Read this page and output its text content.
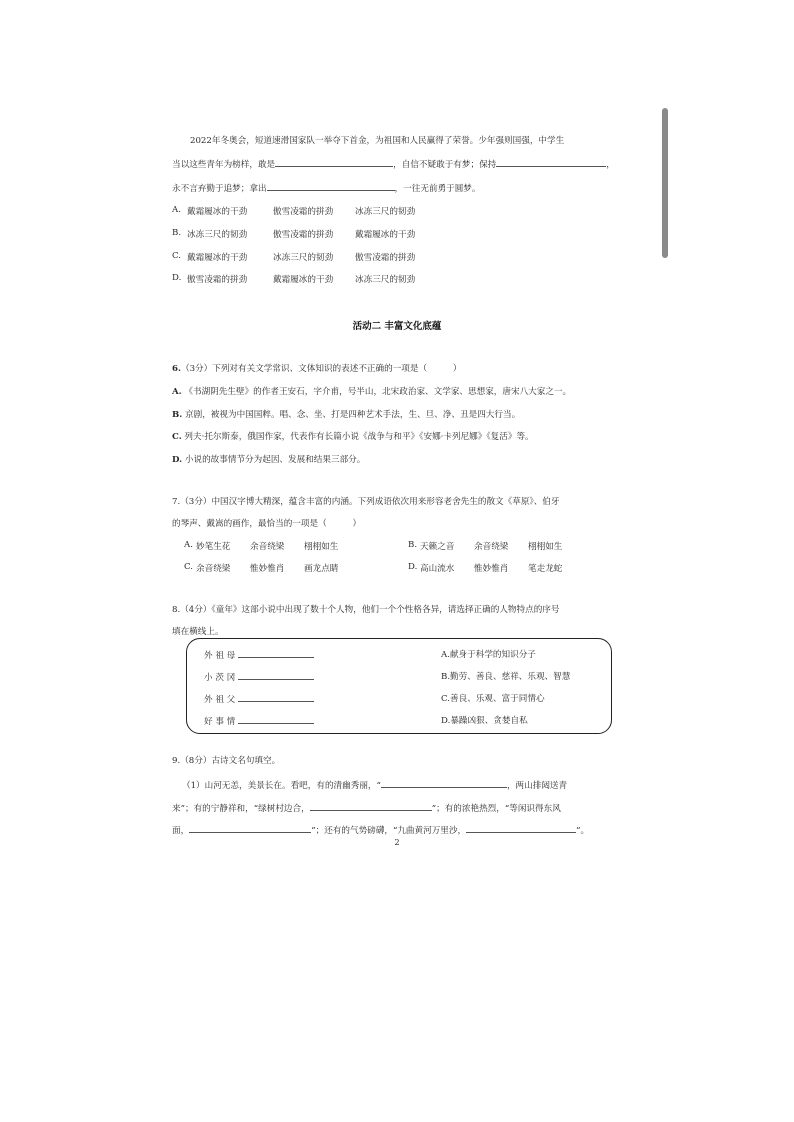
2022年冬奥会，短道速滑国家队一举夺下首金，为祖国和人民赢得了荣誉。少年强则国强，中学生
当以这些青年为榜样，敢是	，自信不疑敢于有梦；保持	，
永不言弃勤于追梦；拿出	，一往无前勇于圆梦。
A. 戴霜履冰的干劲	傲雪凌霜的拼劲	冰冻三尺的韧劲
B. 冰冻三尺的韧劲	傲雪凌霜的拼劲	戴霜履冰的干劲
C. 戴霜履冰的干劲	冰冻三尺的韧劲	傲雪凌霜的拼劲
D. 傲雪凌霜的拼劲	戴霜履冰的干劲	冰冻三尺的韧劲
活动二 丰富文化底蕴
6.（3分）下列对有关文学常识、文体知识的表述不正确的一项是（　　　）
A. 《书湖阴先生壁》的作者王安石，字介甫，号半山，北宋政治家、文学家、思想家，唐宋八大家之一。
B. 京剧，被视为中国国粹。唱、念、坐、打是四种艺术手法，生、旦、净、丑是四大行当。
C. 列夫·托尔斯泰，俄国作家，代表作有长篇小说《战争与和平》《安娜·卡列尼娜》《复活》等。
D. 小说的故事情节分为起因、发展和结果三部分。
7.（3分）中国汉字博大精深，蕴含丰富的内涵。下列成语依次用来形容老舍先生的散文《草原》、伯牙
的琴声、戴嵩的画作，最恰当的一项是（　　　）
A. 妙笔生花 余音绕梁 栩栩如生	B. 天籁之音 余音绕梁 栩栩如生
C. 余音绕梁 惟妙惟肖 画龙点睛	D. 高山流水 惟妙惟肖 笔走龙蛇
8.（4分）《童年》这部小说中出现了数十个人物，他们一个个性格各异，请选择正确的人物特点的序号
填在横线上。
外 祖 母
小 茨 冈
外 祖 父
好 事 情
A.献身于科学的知识分子
B.勤劳、善良、慈祥、乐观、智慧
C.善良、乐观、富于同情心
D.暴躁凶狠、贪婪自私
9.（8分）古诗文名句填空。
（1）山河无恙，美景长在。看吧，有的清幽秀丽，“	，两山排闼送青
来”；有的宁静祥和，“绿树村边合，	”；有的浓艳热烈，“等闲识得东风
面，	”；还有的气势磅礴，“九曲黄河万里沙，	”。
2
